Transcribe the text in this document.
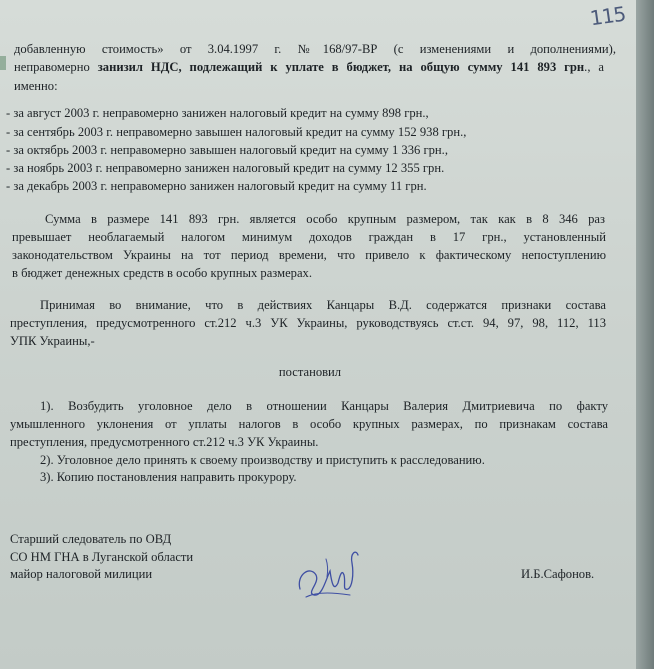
115
добавленную стоимость» от 3.04.1997 г. №168/97-ВР (с изменениями и дополнениями),
неправомерно занизил НДС, подлежащий к уплате в бюджет, на общую сумму 141 893 грн., а
именно:
- за август 2003 г. неправомерно занижен налоговый кредит на сумму 898 грн.,
- за сентябрь 2003 г. неправомерно завышен налоговый кредит на сумму 152 938 грн.,
- за октябрь 2003 г. неправомерно завышен налоговый кредит на сумму 1 336 грн.,
- за ноябрь 2003 г. неправомерно занижен налоговый кредит на сумму 12 355 грн.
- за декабрь 2003 г. неправомерно занижен налоговый кредит на сумму 11 грн.
Сумма в размере 141 893 грн. является особо крупным размером, так как в 8 346 раз
превышает необлагаемый налогом минимум доходов граждан в 17 грн., установленный
законодательством Украины на тот период времени, что привело к фактическому непоступлению
в бюджет денежных средств в особо крупных размерах.
Принимая во внимание, что в действиях Канцары В.Д. содержатся признаки состава
преступления, предусмотренного ст.212 ч.3 УК Украины, руководствуясь ст.ст. 94, 97, 98, 112, 113
УПК Украины,-
постановил
1). Возбудить уголовное дело в отношении Канцары Валерия Дмитриевича по факту
умышленного уклонения от уплаты налогов в особо крупных размерах, по признакам состава
преступления, предусмотренного ст.212 ч.3 УК Украины.
2). Уголовное дело принять к своему производству и приступить к расследованию.
3). Копию постановления направить прокурору.
Старший следователь по ОВД
СО НМ ГНА в Луганской области
майор налоговой милиции	И.Б.Сафонов.
